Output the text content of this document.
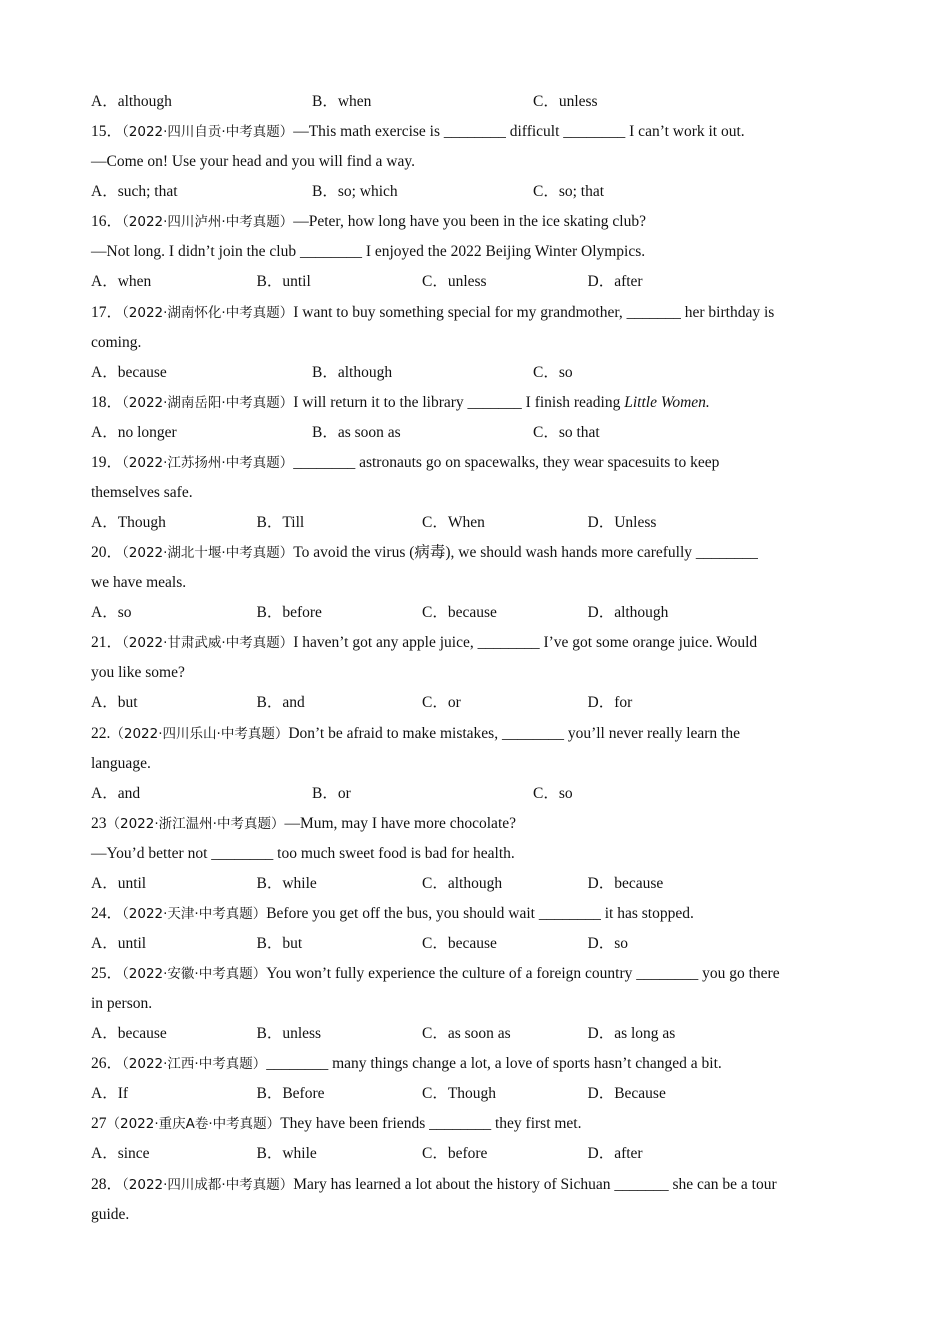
A．although	B．when	C．unless
15．（2022·四川自贡·中考真题）—This math exercise is ________ difficult ________ I can’t work it out.
—Come on! Use your head and you will find a way.
A．such; that	B．so; which	C．so; that
16．（2022·四川泸州·中考真题）—Peter, how long have you been in the ice skating club?
—Not long. I didn’t join the club ________ I enjoyed the 2022 Beijing Winter Olympics.
A．when	B．until	C．unless	D．after
17．（2022·湖南怀化·中考真题）I want to buy something special for my grandmother, _______ her birthday is
coming.
A．because	B．although	C．so
18．（2022·湖南岳阳·中考真题）I will return it to the library _______ I finish reading Little Women.
A．no longer	B．as soon as	C．so that
19．（2022·江苏扬州·中考真题）________ astronauts go on spacewalks, they wear spacesuits to keep
themselves safe.
A．Though	B．Till	C．When	D．Unless
20．（2022·湖北十堰·中考真题）To avoid the virus (病毒), we should wash hands more carefully ________
we have meals.
A．so	B．before	C．because	D．although
21．（2022·甘肃武威·中考真题）I haven’t got any apple juice, ________ I’ve got some orange juice. Would
you like some?
A．but	B．and	C．or	D．for
22.（2022·四川乐山·中考真题）Don’t be afraid to make mistakes, ________ you’ll never really learn the
language.
A．and	B．or	C．so
23（2022·浙江温州·中考真题）—Mum, may I have more chocolate?
—You’d better not ________ too much sweet food is bad for health.
A．until	B．while	C．although	D．because
24．（2022·天津·中考真题）Before you get off the bus, you should wait ________ it has stopped.
A．until	B．but	C．because	D．so
25．（2022·安徽·中考真题）You won’t fully experience the culture of a foreign country ________ you go there
in person.
A．because	B．unless	C．as soon as	D．as long as
26．（2022·江西·中考真题）________ many things change a lot, a love of sports hasn’t changed a bit.
A．If	B．Before	C．Though	D．Because
27（2022·重庆A卷·中考真题）They have been friends ________ they first met.
A．since	B．while	C．before	D．after
28．（2022·四川成都·中考真题）Mary has learned a lot about the history of Sichuan _______ she can be a tour
guide.
